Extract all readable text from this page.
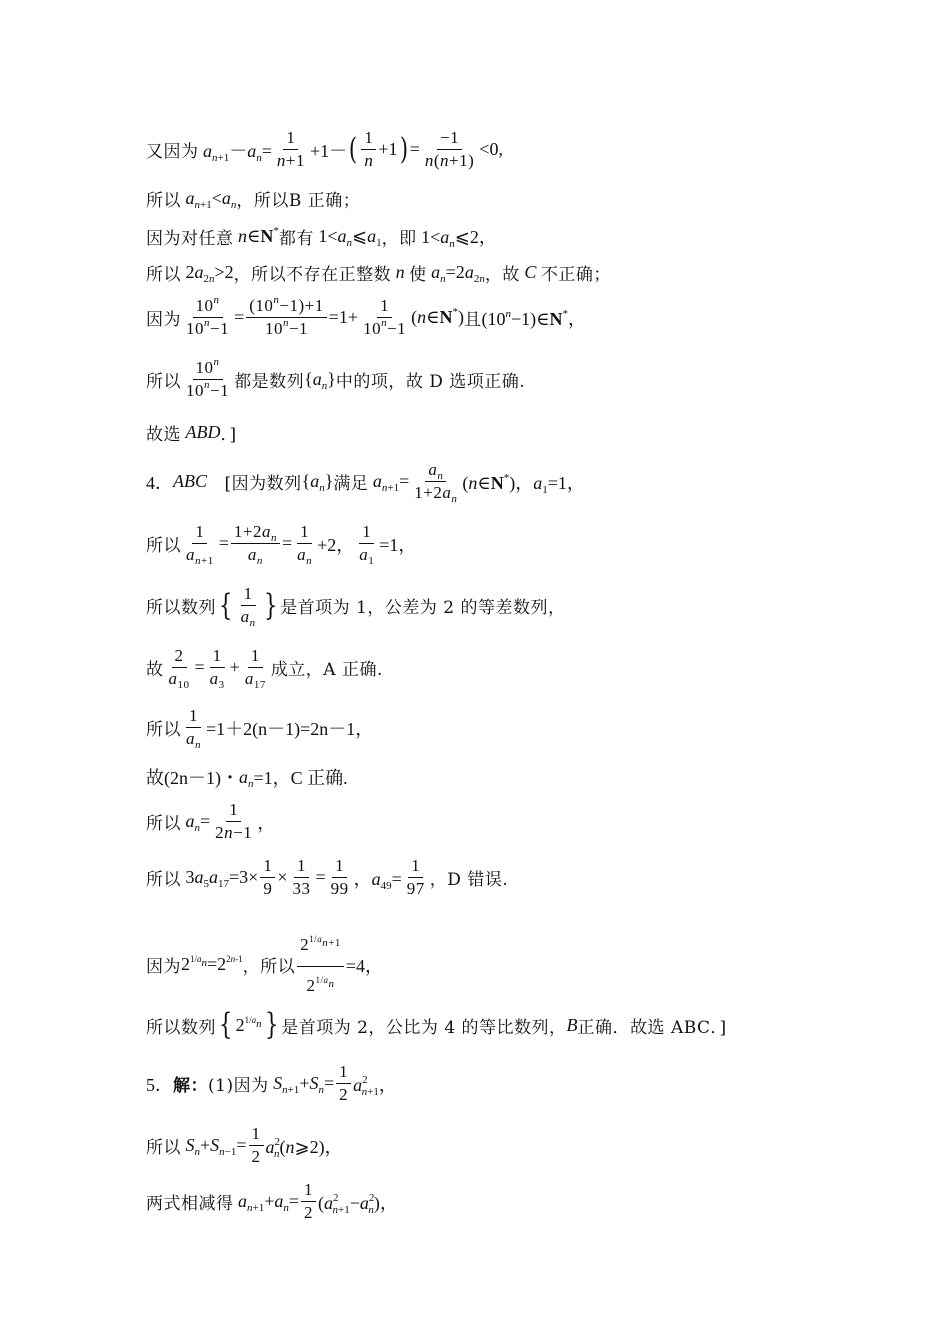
又因为 $a_{n+1}-a_n= \frac{1}{n+1} +1-$ ( $\frac{1}{n} +1$ ) = $\frac{-1}{n(n+1)} <0$,
所以 $a_{n+1}<a_n$ ，所以 B 正确；
因为对任意 n∈N* 都有 $1<a_n⩽a_1$ ，即 $1<a_n⩽2$，
所以 $2a_{2n}>2$ ，所以不存在正整数 n 使 $a_n=2a_{2n}$ ，故
C
不正确；
因为 $\frac{10^n}{10^n-1} = \frac{(10^n-1)+1}{10^n-1} =1+ \frac{1}{10^n-1}$ (n∈N*) 且 $(10^n-1)\in N^*$，
所以 $\frac{10^n}{10^n-1}$ 都是数列 $\{a_n\}$ 中的项，故 D 选项正确.
故选
ABD ．]
4． ABC 　[因为数列 $\{a_n\}$ 满足 $a_{n+1}= \frac{a_n}{1+2a_n}$ (n∈N*)，$a_1=1$，
所以 $\frac{1}{a_{n+1}} = \frac{1+2a_n}{a_n} = \frac{1}{a_n} +2$， $\frac{1}{a_1} =1$，
所以数列 { $\frac{1}{a_n}$ } 是首项为 1，公差为 2 的等差数列，
故 $\frac{2}{a_{10}} = \frac{1}{a_3} + \frac{1}{a_{17}}$ 成立，A 正确.
所以 $\frac{1}{a_n} =1+2(n-1)=2n-1$，
故(2n－1)・ $a_n =1$，C 正确.
所以 $a_n= \frac{1}{2n-1}$ ，
所以 $3a_5a_{17}=3\times \frac{1}{9} \times \frac{1}{33} = \frac{1}{99}$ ，$a_{49}= \frac{1}{97}$ ，D 错误.
因为 $2^{1/a_n}=2^{2n-1}$ ，所以 $\frac{2^{1/a_{n+1}}}{2^{1/a_n}} =4$，
所以数列 { $2^{1/a_n}$ } 是首项为 2，公比为 4 的等比数列， B 正确．故选 ABC．]
5． 解： (1)因为 $S_{n+1}+S_n= \frac{1}{2} a^2_{n+1}$，
所以 $S_n+S_{n-1}= \frac{1}{2}$ $a^2_n(n⩾2)$，
两式相减得 $a_{n+1}+a_n= \frac{1}{2} (a^2_{n+1}-a^2_n)$，
